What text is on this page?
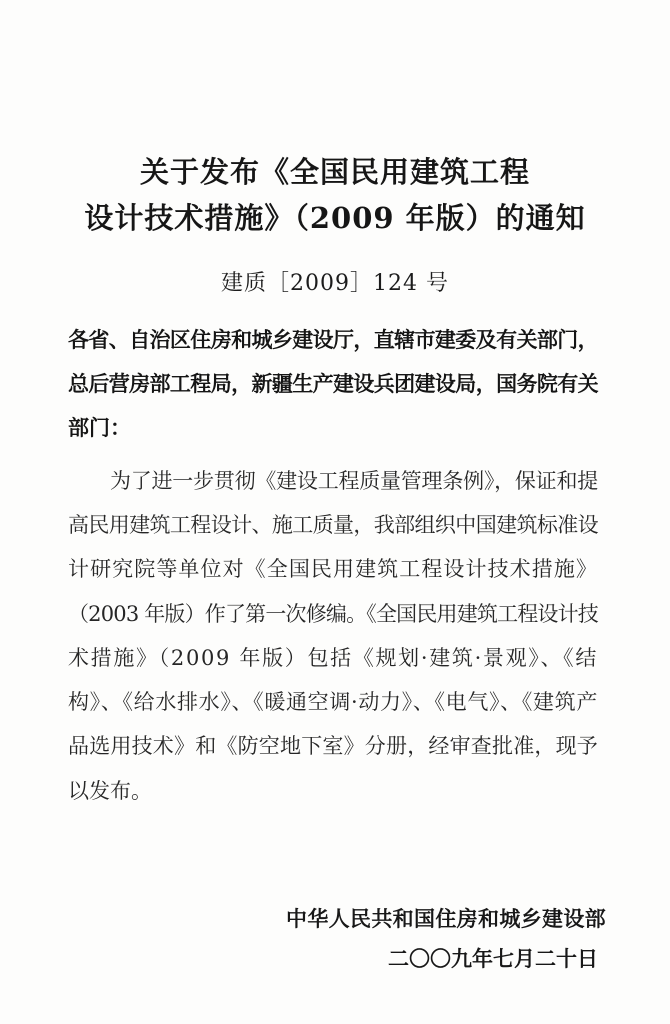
关于发布《全国民用建筑工程
设计技术措施》（2009 年版）的通知
建质［2009］124 号
各省、自治区住房和城乡建设厅，直辖市建委及有关部门，
总后营房部工程局，新疆生产建设兵团建设局，国务院有关
部门：
为了进一步贯彻《建设工程质量管理条例》，保证和提
高民用建筑工程设计、施工质量，我部组织中国建筑标准设
计研究院等单位对《全国民用建筑工程设计技术措施》
（2003 年版）作了第一次修编。《全国民用建筑工程设计技
术措施》（2009 年版）包括《规划·建筑·景观》、《结
构》、《给水排水》、《暖通空调·动力》、《电气》、《建筑产
品选用技术》和《防空地下室》分册，经审查批准，现予
以发布。
中华人民共和国住房和城乡建设部
二〇〇九年七月二十日
